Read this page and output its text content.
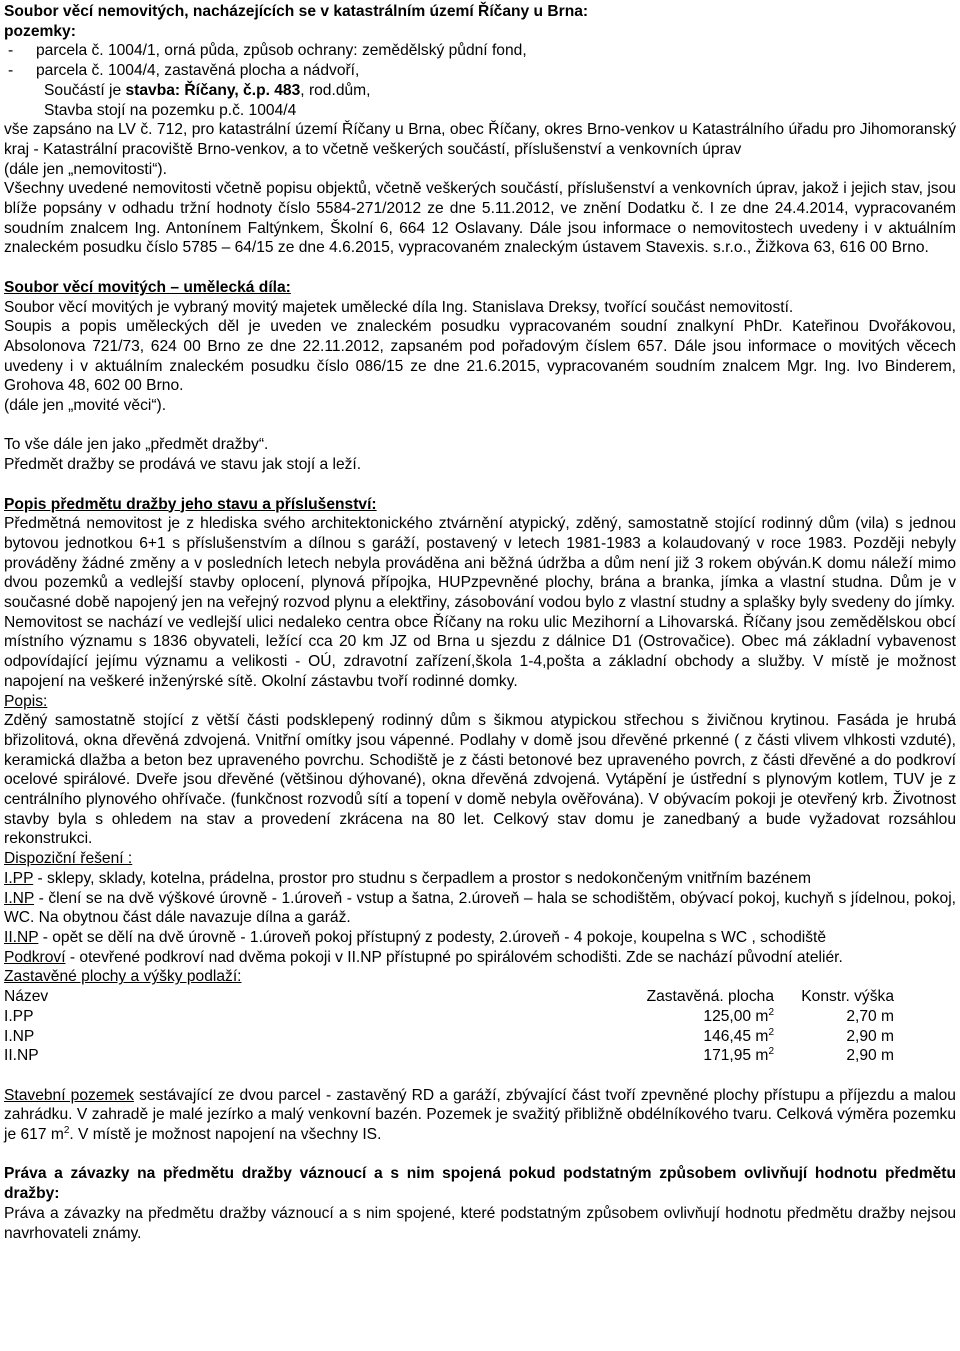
Soubor věcí nemovitých, nacházejících se v katastrálním území Říčany u Brna:

pozemky:

- parcela č. 1004/1, orná půda, způsob ochrany: zemědělský půdní fond,

- parcela č. 1004/4, zastavěná plocha a nádvoří,

Součástí je stavba: Říčany, č.p. 483, rod.dům,

Stavba stojí na pozemku p.č. 1004/4

vše zapsáno na LV č. 712, pro katastrální území Říčany u Brna, obec Říčany, okres Brno-venkov u Katastrálního úřadu pro Jihomoranský kraj - Katastrální pracoviště Brno-venkov, a to včetně veškerých součástí, příslušenství a venkovních úprav

(dále jen „nemovitosti“).

Všechny uvedené nemovitosti včetně popisu objektů, včetně veškerých součástí, příslušenství a venkovních úprav, jakož i jejich stav, jsou blíže popsány v odhadu tržní hodnoty číslo 5584-271/2012 ze dne 5.11.2012, ve znění Dodatku č. I ze dne 24.4.2014, vypracovaném soudním znalcem Ing. Antonínem Faltýnkem, Školní 6, 664 12 Oslavany. Dále jsou informace o nemovitostech uvedeny i v aktuálním znaleckém posudku číslo 5785 – 64/15 ze dne 4.6.2015, vypracovaném znaleckým ústavem Stavexis. s.r.o., Žižkova 63, 616 00 Brno.

Soubor věcí movitých – umělecká díla:

Soubor věcí movitých je vybraný movitý majetek umělecké díla Ing. Stanislava Dreksy, tvořící součást nemovitostí.

Soupis a popis uměleckých děl je uveden ve znaleckém posudku vypracovaném soudní znalkyní PhDr. Kateřinou Dvořákovou, Absolonova 721/73, 624 00 Brno ze dne 22.11.2012, zapsaném pod pořadovým číslem 657. Dále jsou informace o movitých věcech uvedeny i v aktuálním znaleckém posudku číslo 086/15 ze dne 21.6.2015, vypracovaném soudním znalcem Mgr. Ing. Ivo Binderem, Grohova 48, 602 00 Brno.

(dále jen „movité věci“).

To vše dále jen jako „předmět dražby“.

Předmět dražby se prodává ve stavu jak stojí a leží.

Popis předmětu dražby jeho stavu a příslušenství:

Předmětná nemovitost je z hlediska svého architektonického ztvárnění atypický, zděný, samostatně stojící rodinný dům (vila) s jednou bytovou jednotkou 6+1 s příslušenstvím a dílnou s garáží, postavený v letech 1981-1983 a kolaudovaný v roce 1983. Později nebyly prováděny žádné změny a v posledních letech nebyla prováděna ani běžná údržba a dům není již 3 rokem obýván.K domu náleží mimo dvou pozemků a vedlejší stavby oplocení, plynová přípojka, HUPzpevněné plochy, brána a branka, jímka a vlastní studna. Dům je v současné době napojený jen na veřejný rozvod plynu a elektřiny, zásobování vodou bylo z vlastní studny a splašky byly svedeny do jímky.

Nemovitost se nachází ve vedlejší ulici nedaleko centra obce Říčany na roku ulic Mezihorní a Lihovarská. Říčany jsou zemědělskou obcí místního významu s 1836 obyvateli, ležící cca 20 km JZ od Brna u sjezdu z dálnice D1 (Ostrovačice). Obec má základní vybavenost odpovídající jejímu významu a velikosti - OÚ, zdravotní zařízení,škola 1-4,pošta a základní obchody a služby. V místě je možnost napojení na veškeré inženýrské sítě. Okolní zástavbu tvoří rodinné domky.

Popis:

Zděný samostatně stojící z větší části podsklepený rodinný dům s šikmou atypickou střechou s živičnou krytinou. Fasáda je hrubá břizolitová, okna dřevěná zdvojená. Vnitřní omítky jsou vápenné. Podlahy v domě jsou dřevěné prkenné ( z části vlivem vlhkosti vzduté), keramická dlažba a beton bez upraveného povrchu. Schodiště je z části betonové bez upraveného povrch, z části dřevěné a do podkroví ocelové spirálové. Dveře jsou dřevěné (většinou dýhované), okna dřevěná zdvojená. Vytápění je ústřední s plynovým kotlem, TUV je z centrálního plynového ohřívače. (funkčnost rozvodů sítí a topení v domě nebyla ověřována). V obývacím pokoji je otevřený krb. Životnost stavby byla s ohledem na stav a provedení zkrácena na 80 let. Celkový stav domu je zanedbaný a bude vyžadovat rozsáhlou rekonstrukci.

Dispoziční řešení :

I.PP - sklepy, sklady, kotelna, prádelna, prostor pro studnu s čerpadlem a prostor s nedokončeným vnitřním bazénem

I.NP - člení se na dvě výškové úrovně - 1.úroveň - vstup a šatna, 2.úroveň – hala se schodištěm, obývací pokoj, kuchyň s jídelnou, pokoj, WC. Na obytnou část dále navazuje dílna a garáž.

II.NP - opět se dělí na dvě úrovně - 1.úroveň pokoj přístupný z podesty, 2.úroveň - 4 pokoje, koupelna s WC , schodiště

Podkroví - otevřené podkroví nad dvěma pokoji v II.NP přístupné po spirálovém schodišti. Zde se nachází původní ateliér.

Zastavěné plochy a výšky podlaží:

Název	Zastavěná. plocha	Konstr. výška
I.PP	125,00 $m^2$	2,70 m
I.NP	146,45 $m^2$	2,90 m
II.NP	171,95 $m^2$	2,90 m

Stavební pozemek sestávající ze dvou parcel - zastavěný RD a garáží, zbývající část tvoří zpevněné plochy přístupu a příjezdu a malou zahrádku. V zahradě je malé jezírko a malý venkovní bazén. Pozemek je svažitý přibližně obdélníkového tvaru. Celková výměra pozemku je 617 $m^2$. V místě je možnost napojení na všechny IS.

Práva a závazky na předmětu dražby váznoucí a s nim spojená pokud podstatným způsobem ovlivňují hodnotu předmětu dražby:

Práva a závazky na předmětu dražby váznoucí a s nim spojené, které podstatným způsobem ovlivňují hodnotu předmětu dražby nejsou navrhovateli známy.
